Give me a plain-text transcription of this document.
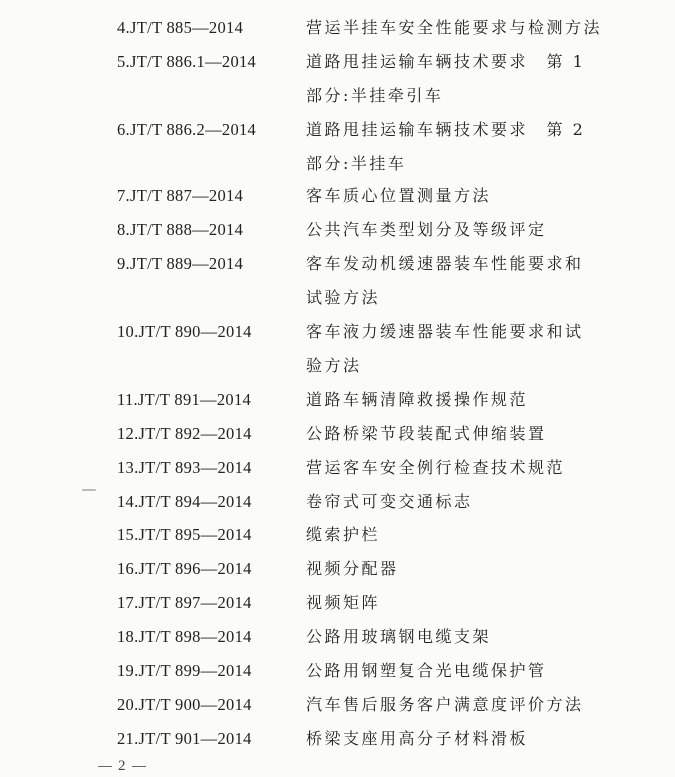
4.JT/T 885—2014	营运半挂车安全性能要求与检测方法
5.JT/T 886.1—2014	道路甩挂运输车辆技术要求　第 1
部分:半挂牵引车
6.JT/T 886.2—2014	道路甩挂运输车辆技术要求　第 2
部分:半挂车
7.JT/T 887—2014	客车质心位置测量方法
8.JT/T 888—2014	公共汽车类型划分及等级评定
9.JT/T 889—2014	客车发动机缓速器装车性能要求和
试验方法
10.JT/T 890—2014	客车液力缓速器装车性能要求和试
验方法
11.JT/T 891—2014	道路车辆清障救援操作规范
12.JT/T 892—2014	公路桥梁节段装配式伸缩装置
13.JT/T 893—2014	营运客车安全例行检查技术规范
14.JT/T 894—2014	卷帘式可变交通标志
15.JT/T 895—2014	缆索护栏
16.JT/T 896—2014	视频分配器
17.JT/T 897—2014	视频矩阵
18.JT/T 898—2014	公路用玻璃钢电缆支架
19.JT/T 899—2014	公路用钢塑复合光电缆保护管
20.JT/T 900—2014	汽车售后服务客户满意度评价方法
21.JT/T 901—2014	桥梁支座用高分子材料滑板
2
